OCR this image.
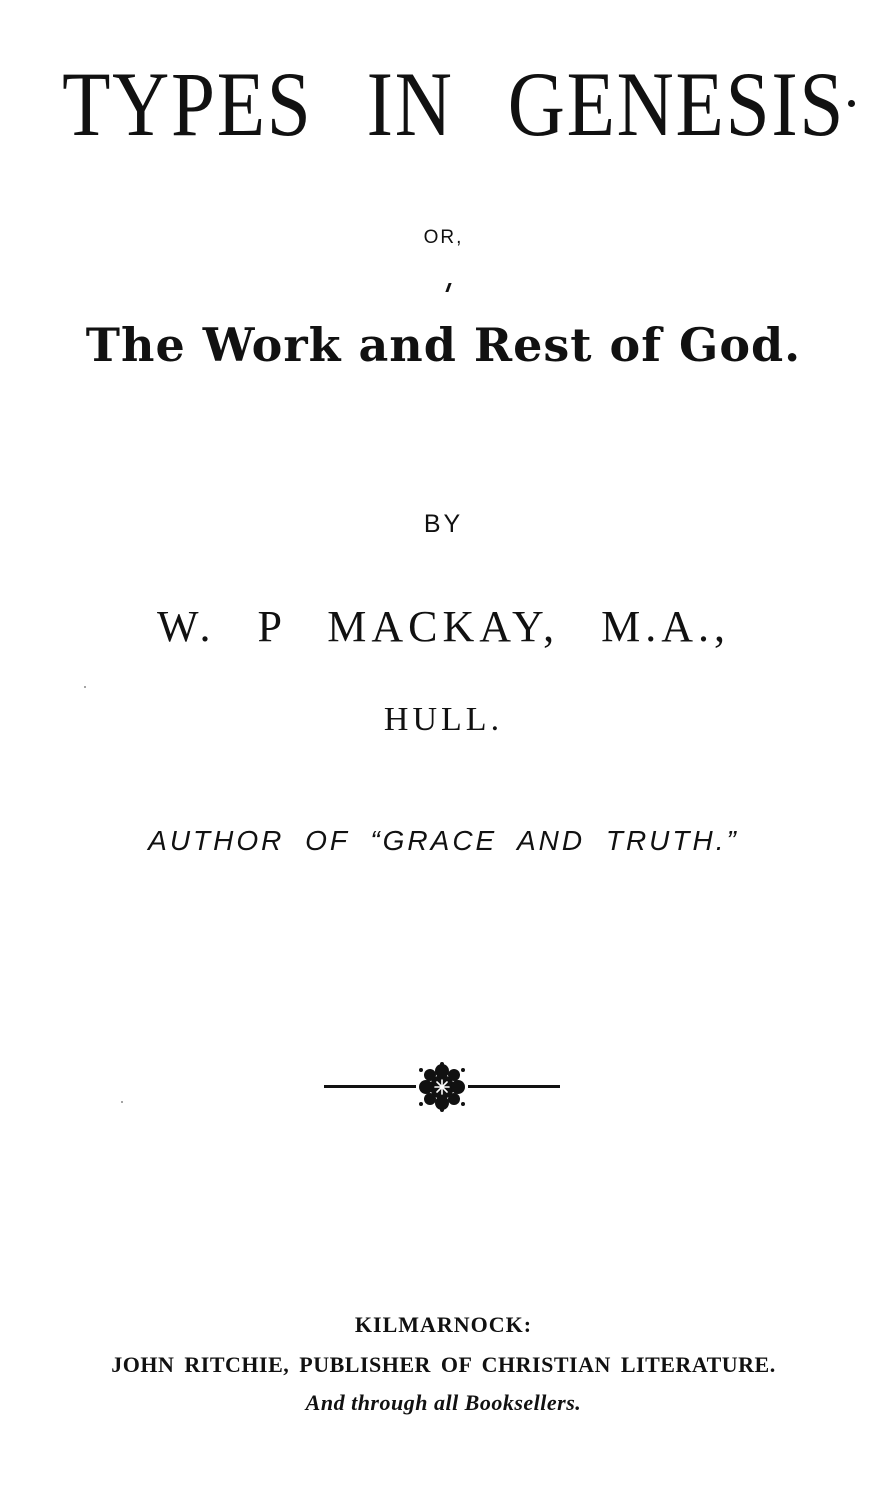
TYPES IN GENESIS
OR,
The Work and Rest of God.
BY
W. P MACKAY, M.A.,
HULL.
AUTHOR OF “GRACE AND TRUTH.”
KILMARNOCK:
JOHN RITCHIE, PUBLISHER OF CHRISTIAN LITERATURE.
And through all Booksellers.
